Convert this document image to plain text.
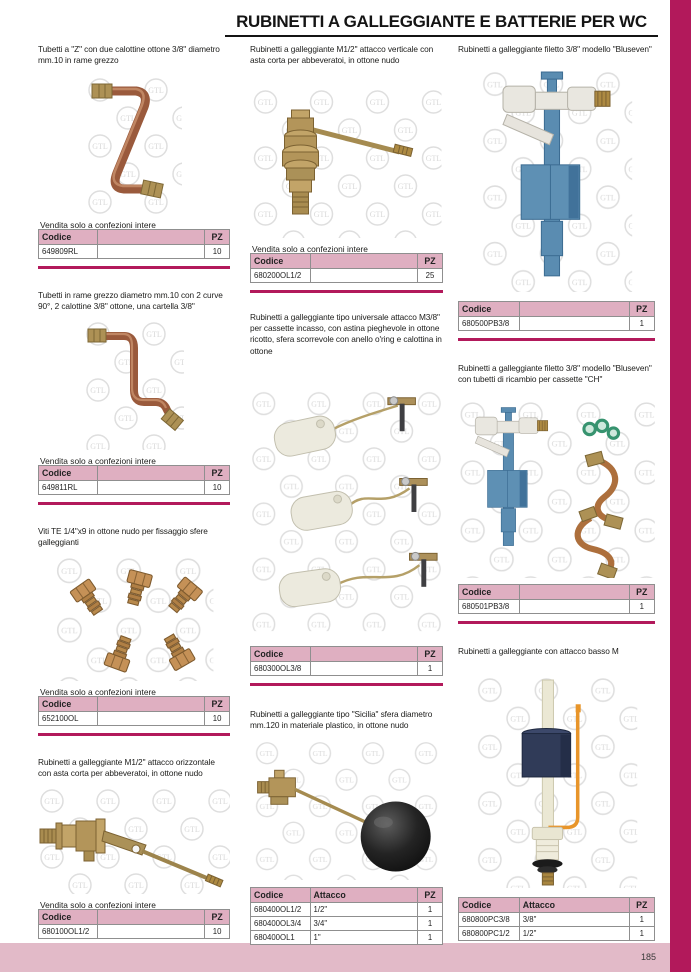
185
RUBINETTI A GALLEGGIANTE E BATTERIE PER WC

Tubetti a "Z" con due calottine ottone 3/8" diametro mm.10 in rame grezzo

Vendita solo a confezioni intere

Codice		PZ
649809RL		10

Tubetti in rame grezzo diametro mm.10 con 2 curve 90°, 2 calottine 3/8" ottone, una cartella 3/8"

Vendita solo a confezioni intere

Codice		PZ
649811RL		10

Viti TE 1/4"x9 in ottone nudo per fissaggio sfere galleggianti

Vendita solo a confezioni intere

Codice		PZ
652100OL		10

Rubinetti a galleggiante M1/2" attacco orizzontale con asta corta per abbeveratoi, in ottone nudo

Vendita solo a confezioni intere

Codice		PZ
680100OL1/2		10

Rubinetti a galleggiante M1/2" attacco verticale con asta corta per abbeveratoi, in ottone nudo

Vendita solo a confezioni intere

Codice		PZ
680200OL1/2		25

Rubinetti a galleggiante tipo universale attacco M3/8" per cassette incasso, con astina pieghevole in ottone ricotto, sfera scorrevole con anello o'ring e calottina in ottone

Codice		PZ
680300OL3/8		1

Rubinetti a galleggiante tipo "Sicilia" sfera diametro mm.120 in materiale plastico, in ottone nudo

Codice	Attacco	PZ
680400OL1/2	1/2"	1
680400OL3/4	3/4"	1
680400OL1	1"	1

Rubinetti a galleggiante filetto 3/8" modello "Bluseven"

Codice		PZ
680500PB3/8		1

Rubinetti a galleggiante filetto 3/8" modello "Bluseven" con tubetti di ricambio per cassette "CH"

Codice		PZ
680501PB3/8		1

Rubinetti a galleggiante con attacco basso M

Codice	Attacco	PZ
680800PC3/8	3/8"	1
680800PC1/2	1/2"	1
